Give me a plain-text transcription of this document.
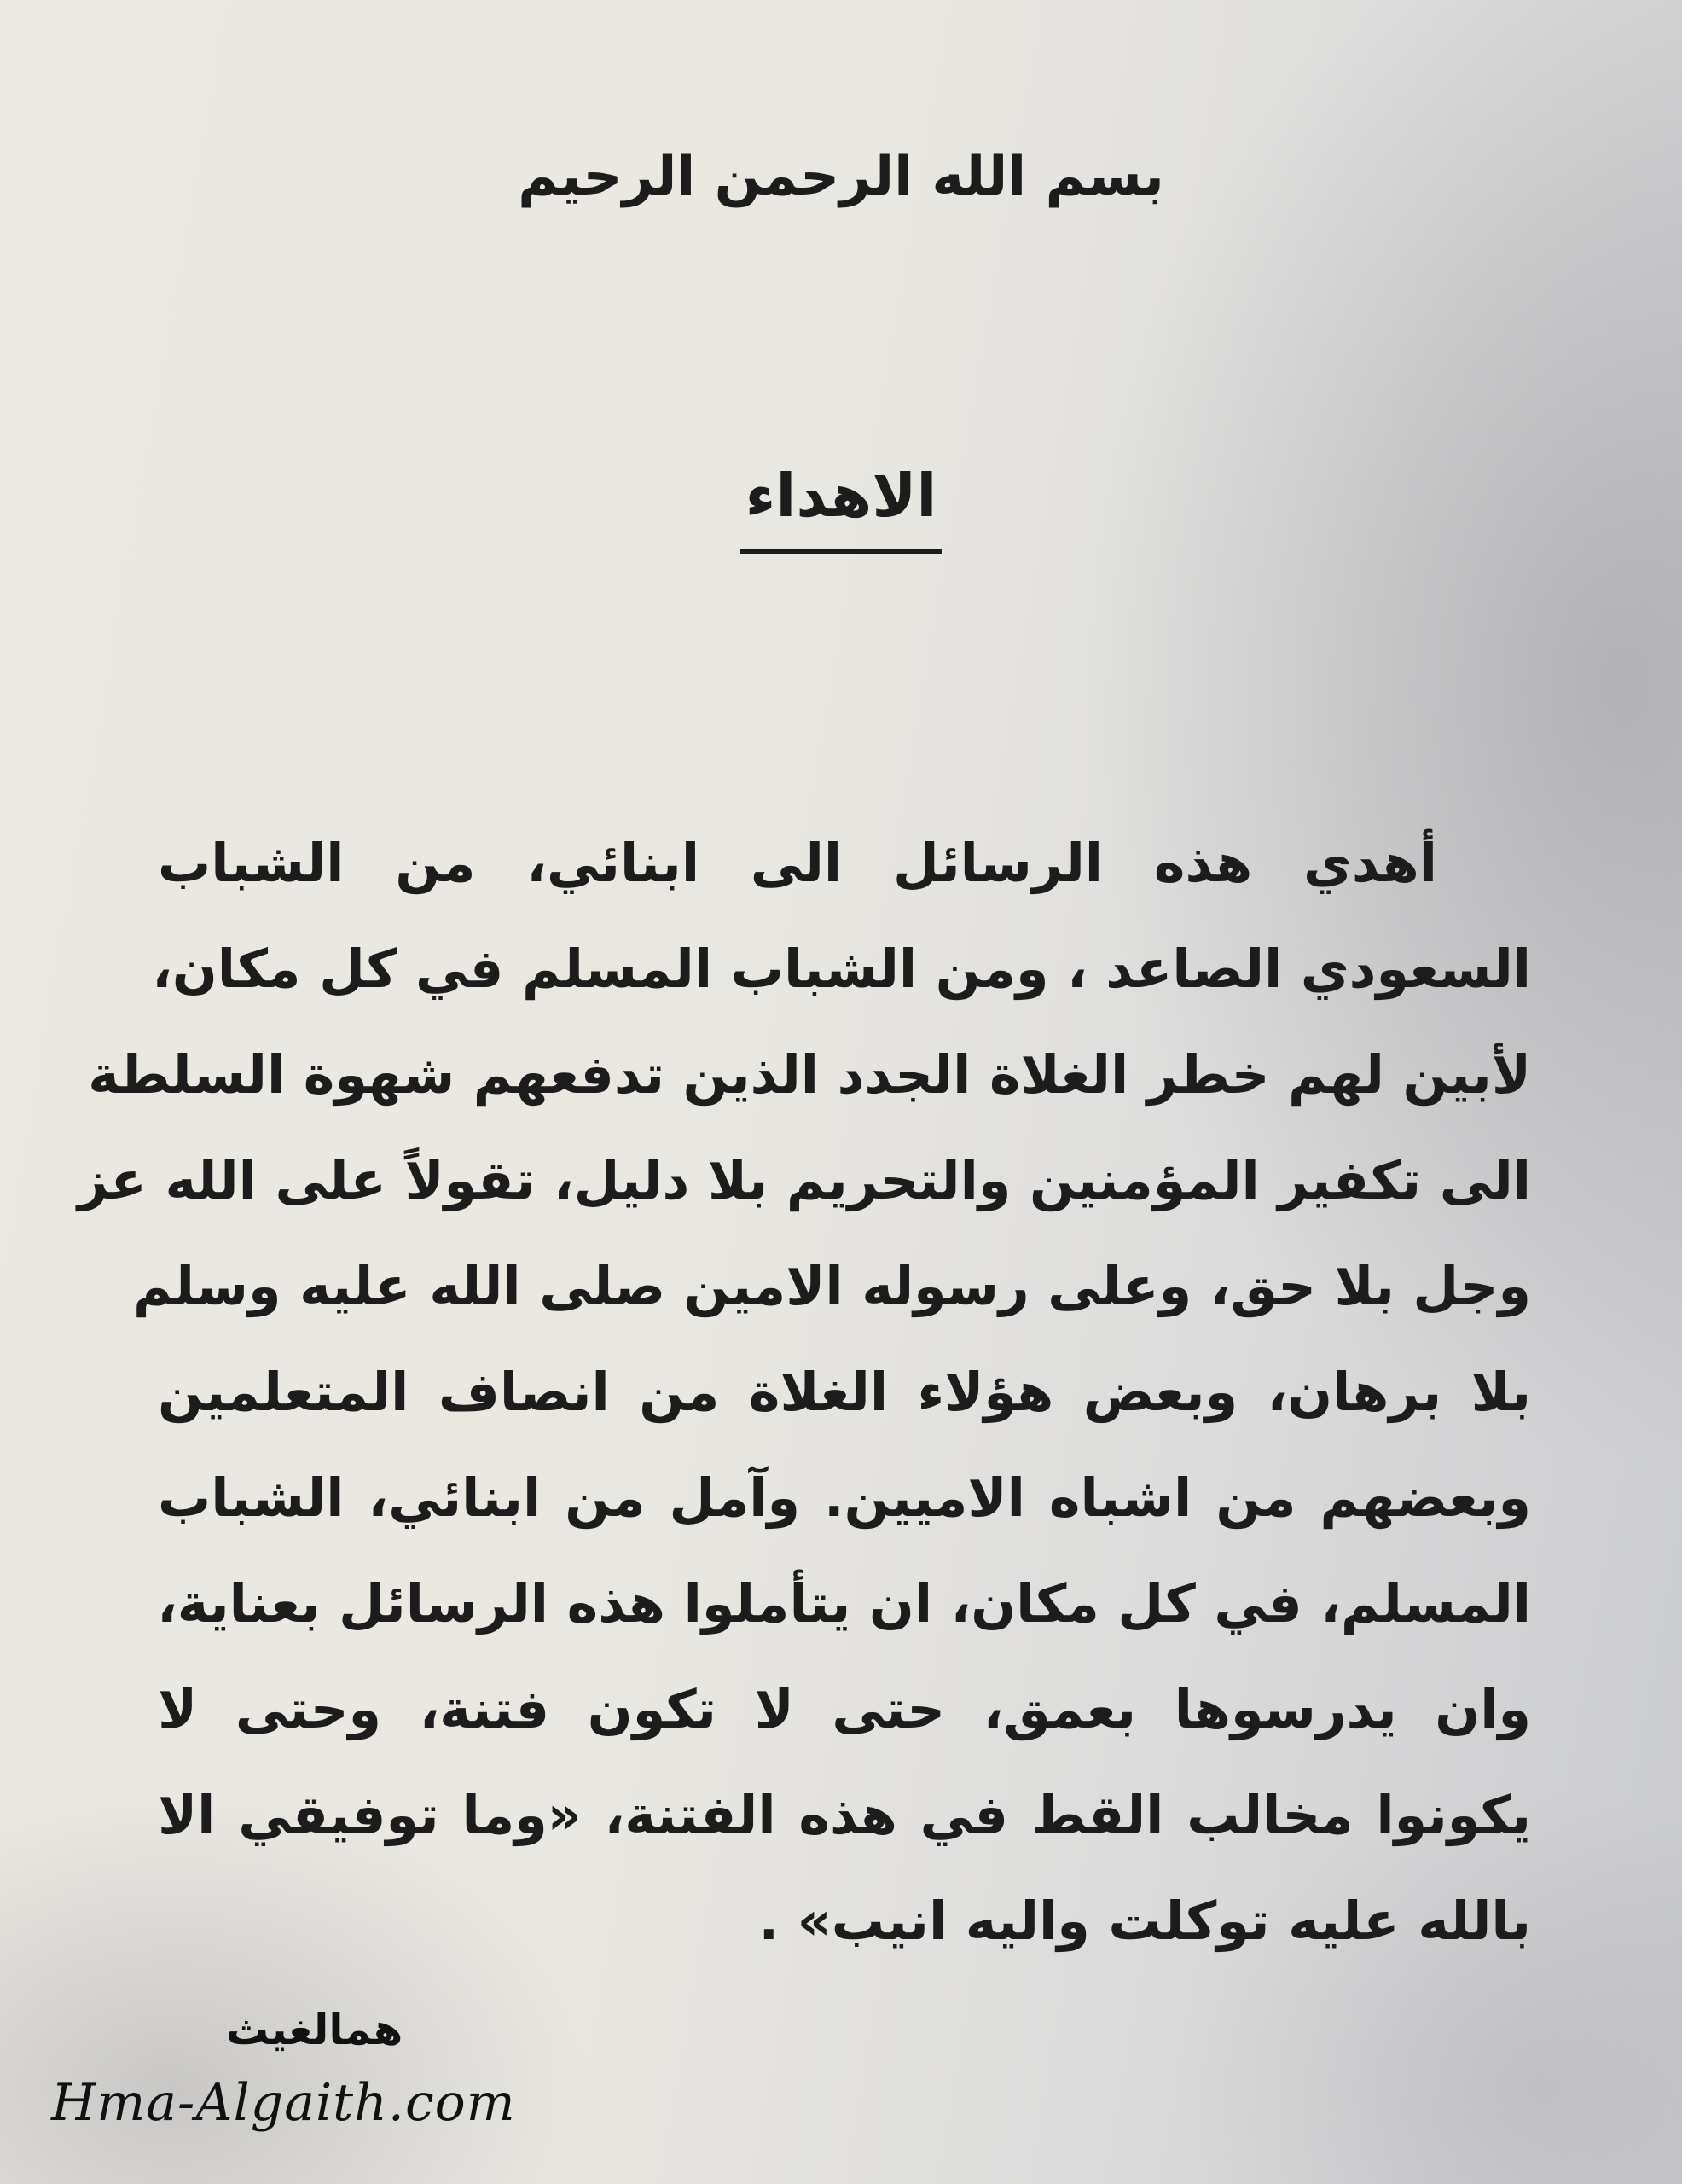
بسم الله الرحمن الرحيم
الاهداء
أهدي هذه الرسائل الى ابنائي، من الشباب
السعودي الصاعد ، ومن الشباب المسلم في كل مكان،
لأبين لهم خطر الغلاة الجدد الذين تدفعهم شهوة السلطة
الى تكفير المؤمنين والتحريم بلا دليل، تقولاً على الله عز
وجل بلا حق، وعلى رسوله الامين صلى الله عليه وسلم
بلا برهان، وبعض هؤلاء الغلاة من انصاف المتعلمين
وبعضهم من اشباه الاميين. وآمل من ابنائي، الشباب
المسلم، في كل مكان، ان يتأملوا هذه الرسائل بعناية،
وان يدرسوها بعمق، حتى لا تكون فتنة، وحتى لا
يكونوا مخالب القط في هذه الفتنة، «وما توفيقي الا
بالله عليه توكلت واليه انيب» .
همالغيث
Hma-Algaith.com
